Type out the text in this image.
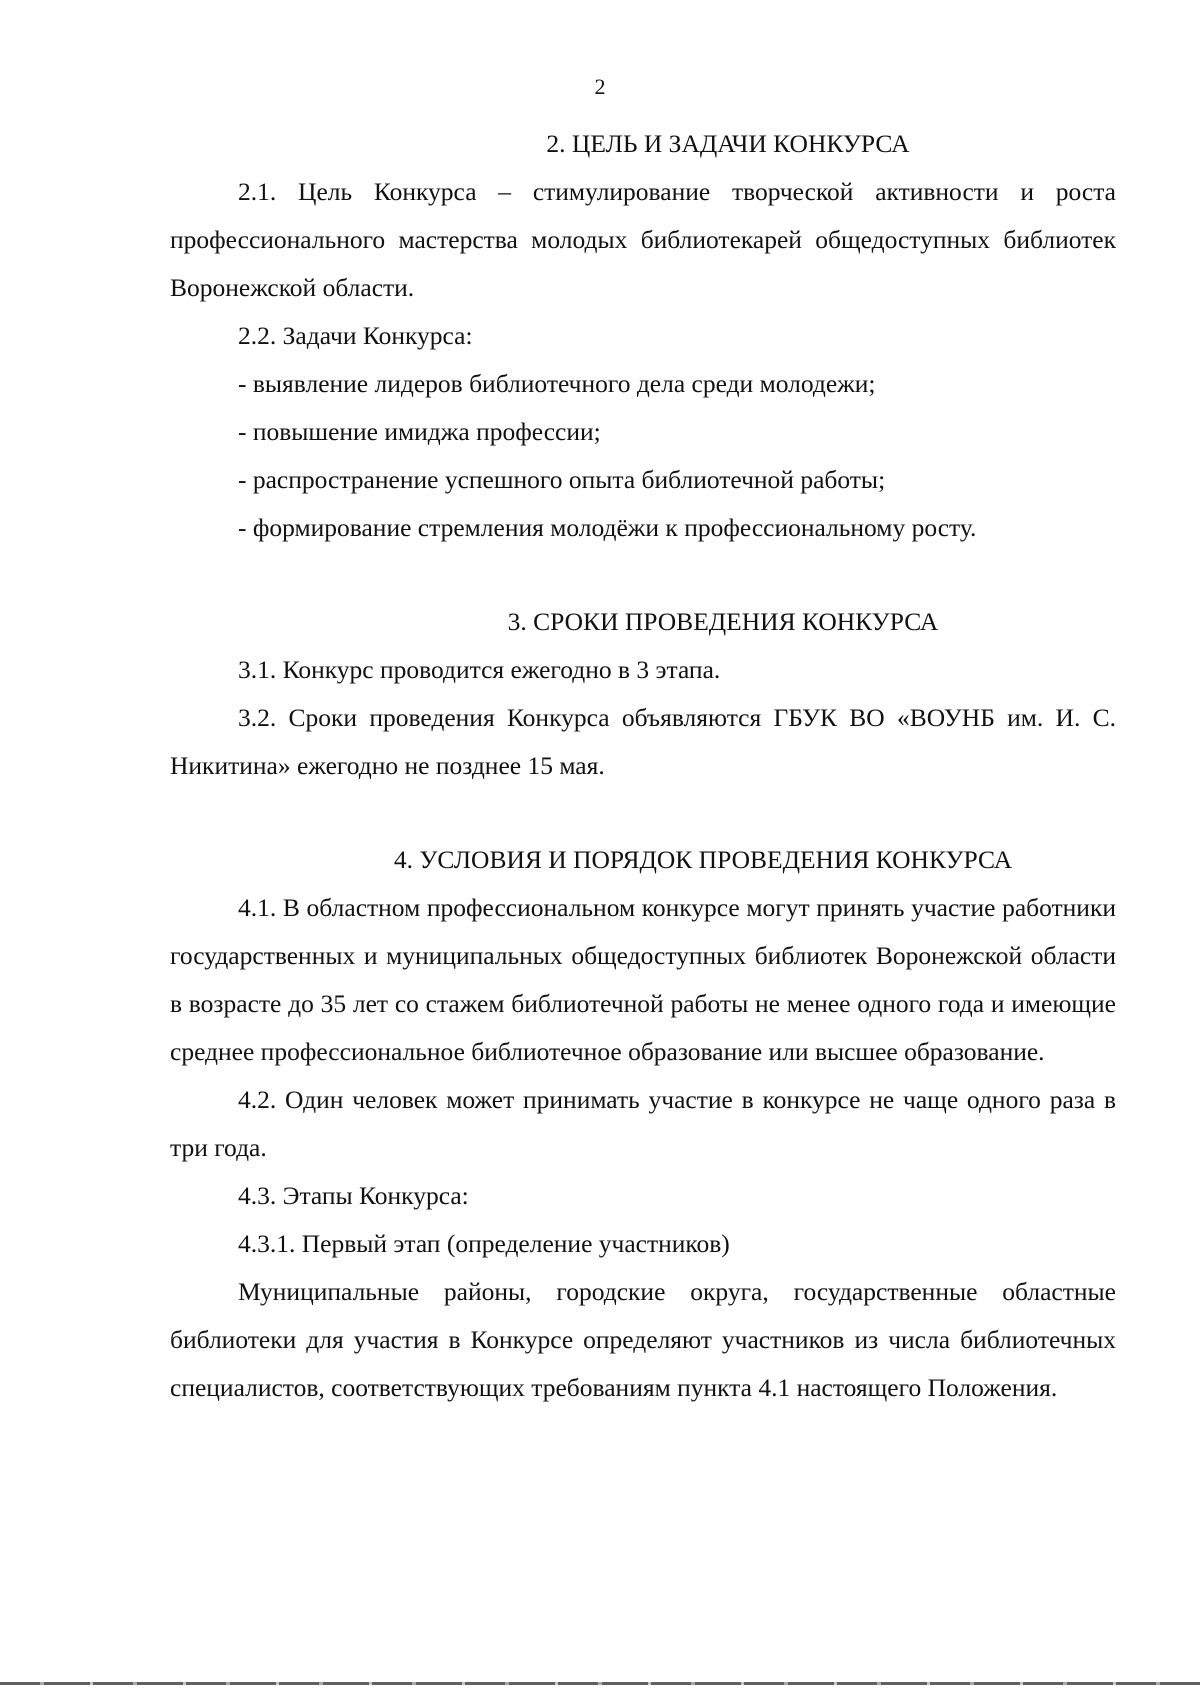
2
2. ЦЕЛЬ И ЗАДАЧИ КОНКУРСА

2.1. Цель Конкурса – стимулирование творческой активности и роста профессионального мастерства молодых библиотекарей общедоступных библиотек Воронежской области.

2.2. Задачи Конкурса:

- выявление лидеров библиотечного дела среди молодежи;

- повышение имиджа профессии;

- распространение успешного опыта библиотечной работы;

- формирование стремления молодёжи к профессиональному росту.

3. СРОКИ ПРОВЕДЕНИЯ КОНКУРСА

3.1. Конкурс проводится ежегодно в 3 этапа.

3.2. Сроки проведения Конкурса объявляются ГБУК ВО «ВОУНБ им. И. С. Никитина» ежегодно не позднее 15 мая.

4. УСЛОВИЯ И ПОРЯДОК ПРОВЕДЕНИЯ КОНКУРСА

4.1. В областном профессиональном конкурсе могут принять участие работники государственных и муниципальных общедоступных библиотек Воронежской области в возрасте до 35 лет со стажем библиотечной работы не менее одного года и имеющие среднее профессиональное библиотечное образование или высшее образование.

4.2. Один человек может принимать участие в конкурсе не чаще одного раза в три года.

4.3. Этапы Конкурса:

4.3.1. Первый этап (определение участников)

Муниципальные районы, городские округа, государственные областные библиотеки для участия в Конкурсе определяют участников из числа библиотечных специалистов, соответствующих требованиям пункта 4.1 настоящего Положения.
